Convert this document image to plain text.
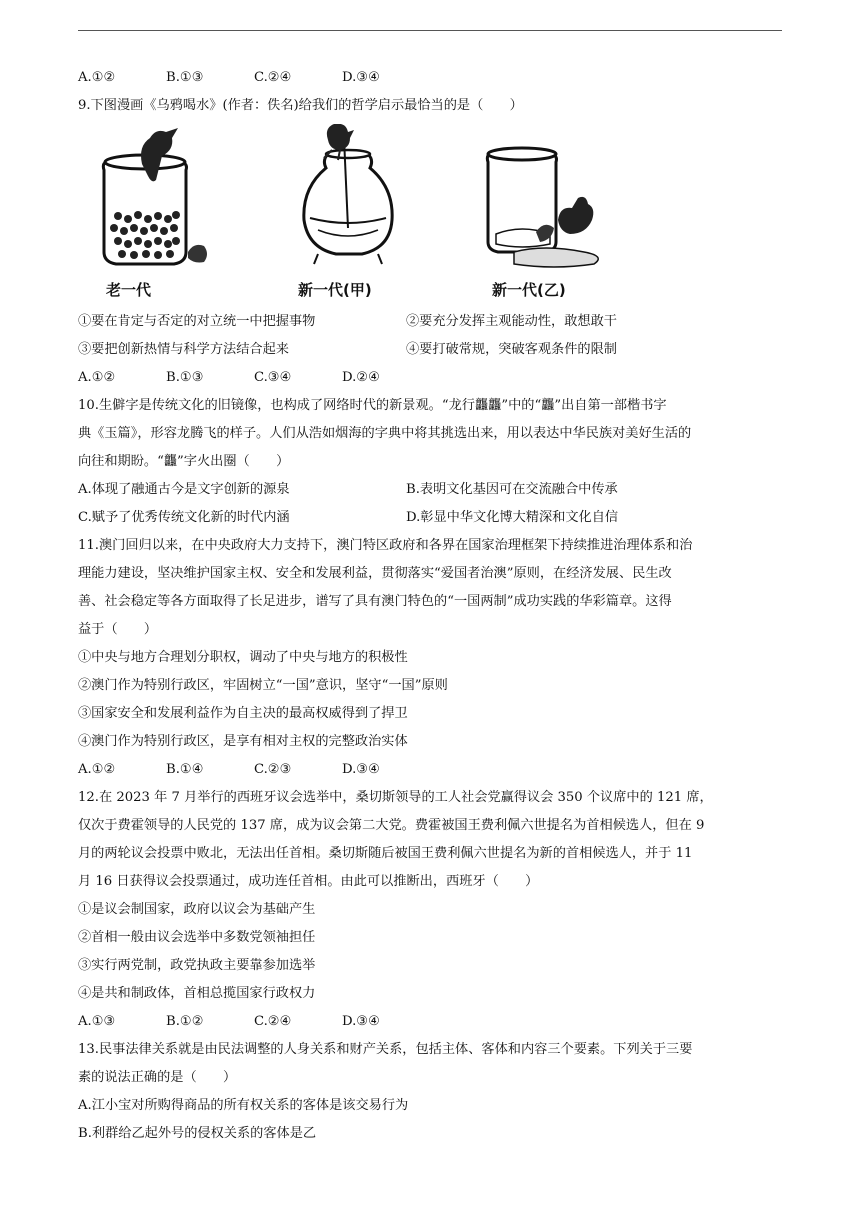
A.①②	B.①③	C.②④	D.③④
9.下图漫画《乌鸦喝水》(作者：佚名)给我们的哲学启示最恰当的是（　　）
老一代	新一代(甲)	新一代(乙)
①要在肯定与否定的对立统一中把握事物	②要充分发挥主观能动性，敢想敢干
③要把创新热情与科学方法结合起来	④要打破常规，突破客观条件的限制
A.①②	B.①③	C.③④	D.②④
10.生僻字是传统文化的旧镜像，也构成了网络时代的新景观。“龙行龘龘”中的“龘”出自第一部楷书字
典《玉篇》，形容龙腾飞的样子。人们从浩如烟海的字典中将其挑选出来，用以表达中华民族对美好生活的
向往和期盼。“龘”字火出圈（　　）
A.体现了融通古今是文字创新的源泉	B.表明文化基因可在交流融合中传承
C.赋予了优秀传统文化新的时代内涵	D.彰显中华文化博大精深和文化自信
11.澳门回归以来，在中央政府大力支持下，澳门特区政府和各界在国家治理框架下持续推进治理体系和治
理能力建设，坚决维护国家主权、安全和发展利益，贯彻落实“爱国者治澳”原则，在经济发展、民生改
善、社会稳定等各方面取得了长足进步，谱写了具有澳门特色的“一国两制”成功实践的华彩篇章。这得
益于（　　）
①中央与地方合理划分职权，调动了中央与地方的积极性
②澳门作为特别行政区，牢固树立“一国”意识，坚守“一国”原则
③国家安全和发展利益作为自主决的最高权威得到了捍卫
④澳门作为特别行政区，是享有相对主权的完整政治实体
A.①②	B.①④	C.②③	D.③④
12.在 2023 年 7 月举行的西班牙议会选举中，桑切斯领导的工人社会党赢得议会 350 个议席中的 121 席，
仅次于费霍领导的人民党的 137 席，成为议会第二大党。费霍被国王费利佩六世提名为首相候选人，但在 9
月的两轮议会投票中败北，无法出任首相。桑切斯随后被国王费利佩六世提名为新的首相候选人，并于 11
月 16 日获得议会投票通过，成功连任首相。由此可以推断出，西班牙（　　）
①是议会制国家，政府以议会为基础产生
②首相一般由议会选举中多数党领袖担任
③实行两党制，政党执政主要靠参加选举
④是共和制政体，首相总揽国家行政权力
A.①③	B.①②	C.②④	D.③④
13.民事法律关系就是由民法调整的人身关系和财产关系，包括主体、客体和内容三个要素。下列关于三要
素的说法正确的是（　　）
A.江小宝对所购得商品的所有权关系的客体是该交易行为
B.利群给乙起外号的侵权关系的客体是乙
